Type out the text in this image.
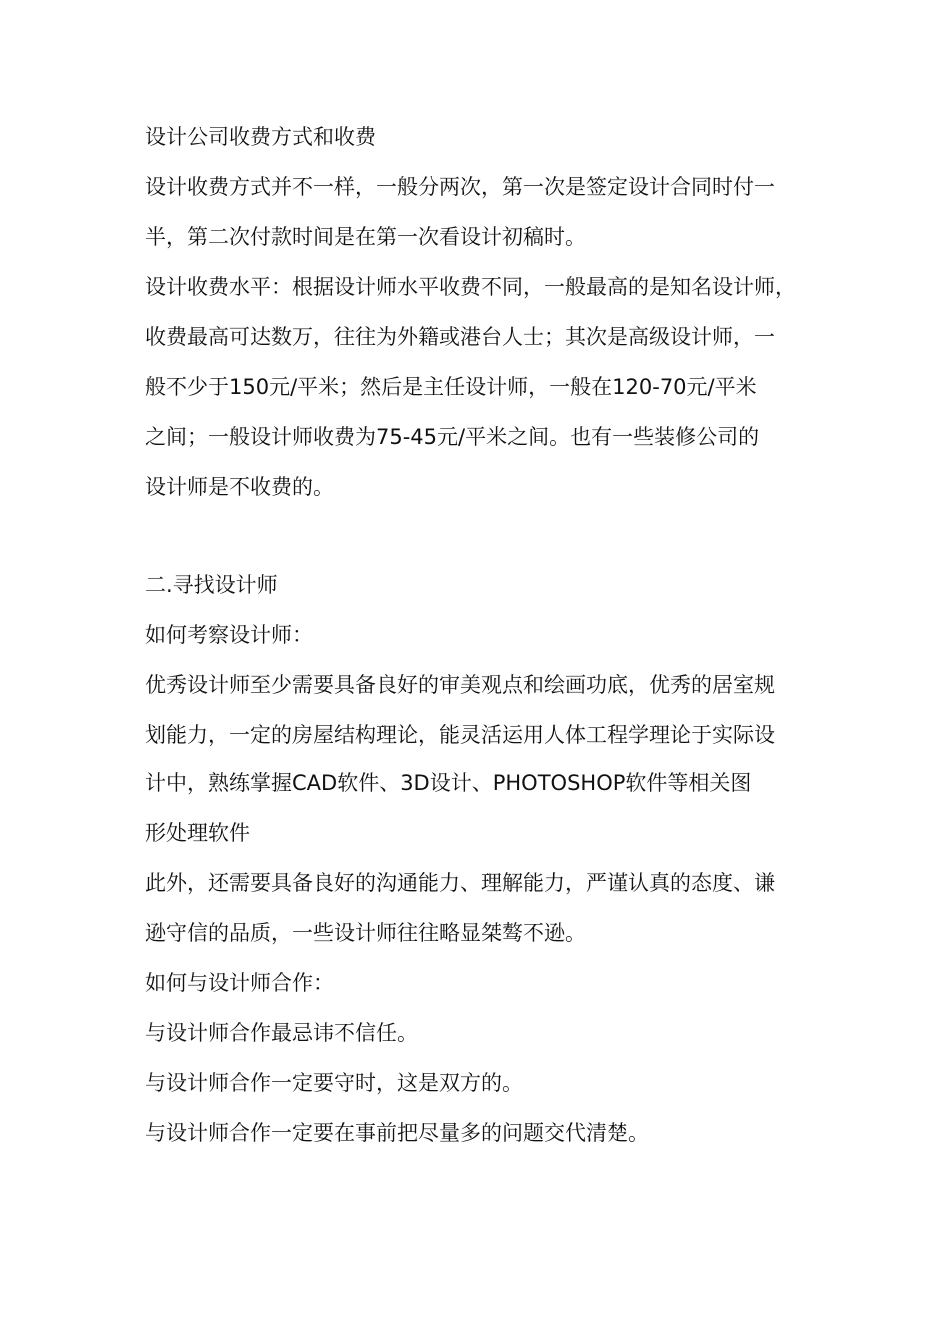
设计公司收费方式和收费
设计收费方式并不一样，一般分两次，第一次是签定设计合同时付一
半，第二次付款时间是在第一次看设计初稿时。
设计收费水平：根据设计师水平收费不同，一般最高的是知名设计师，
收费最高可达数万，往往为外籍或港台人士；其次是高级设计师，一
般不少于150元/平米；然后是主任设计师，一般在120-70元/平米
之间；一般设计师收费为75-45元/平米之间。也有一些装修公司的
设计师是不收费的。
二.寻找设计师
如何考察设计师：
优秀设计师至少需要具备良好的审美观点和绘画功底，优秀的居室规
划能力，一定的房屋结构理论，能灵活运用人体工程学理论于实际设
计中，熟练掌握CAD软件、3D设计、PHOTOSHOP软件等相关图
形处理软件
此外，还需要具备良好的沟通能力、理解能力，严谨认真的态度、谦
逊守信的品质，一些设计师往往略显桀骜不逊。
如何与设计师合作：
与设计师合作最忌讳不信任。
与设计师合作一定要守时，这是双方的。
与设计师合作一定要在事前把尽量多的问题交代清楚。
